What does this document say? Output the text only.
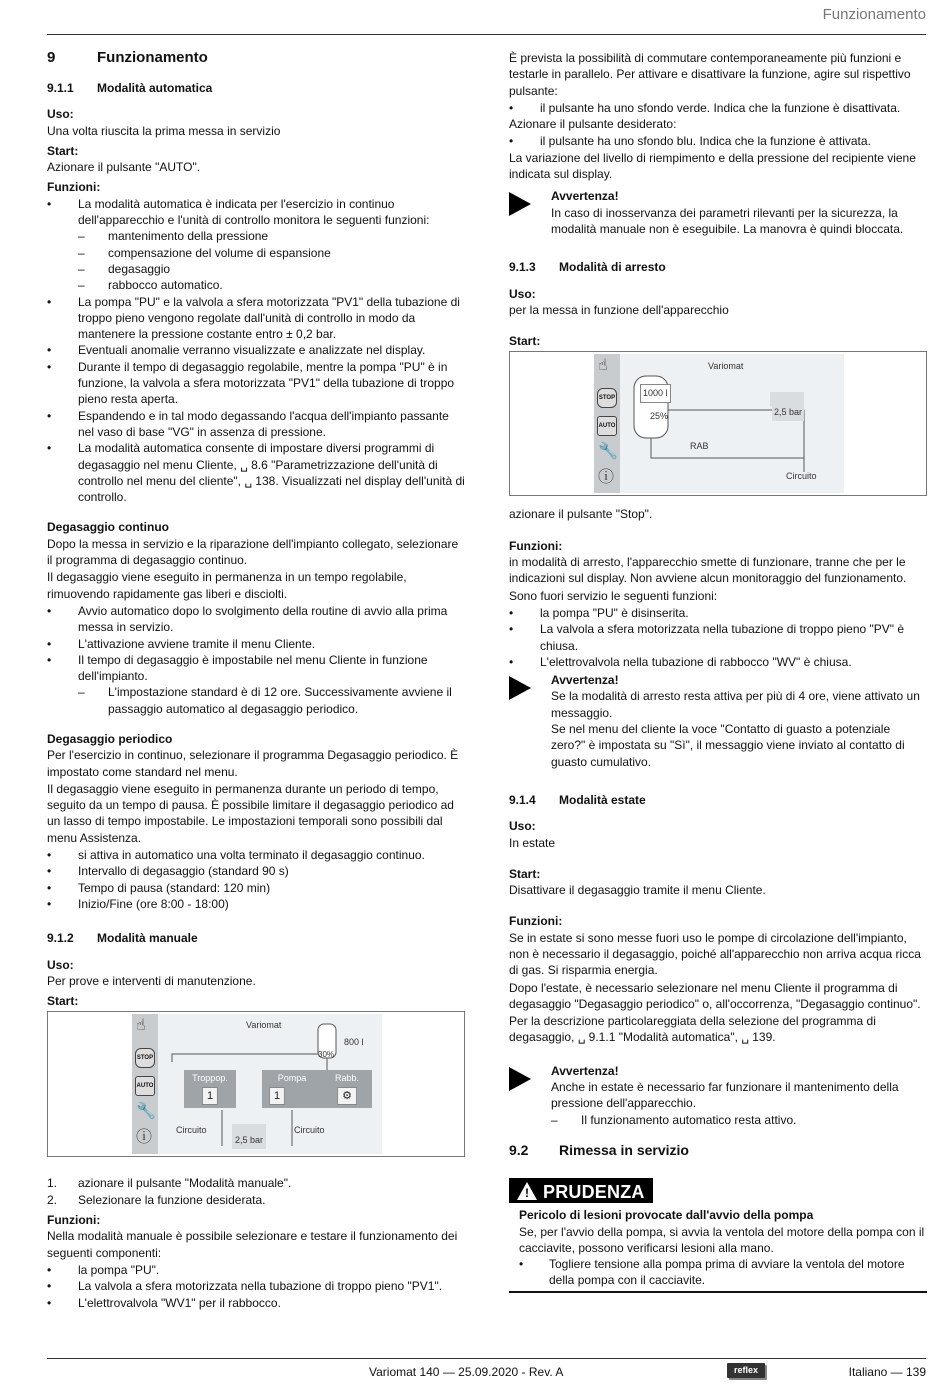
Funzionamento
9	Funzionamento
9.1.1	Modalità automatica
Uso:

Una volta riuscita la prima messa in servizio

Start:

Azionare il pulsante "AUTO".

Funzioni:
• La modalità automatica è indicata per l'esercizio in continuo dell'apparecchio e l'unità di controllo monitora le seguenti funzioni:
– mantenimento della pressione
– compensazione del volume di espansione
– degasaggio
– rabbocco automatico.
• La pompa "PU" e la valvola a sfera motorizzata "PV1" della tubazione di troppo pieno vengono regolate dall'unità di controllo in modo da mantenere la pressione costante entro ± 0,2 bar.
• Eventuali anomalie verranno visualizzate e analizzate nel display.
• Durante il tempo di degasaggio regolabile, mentre la pompa "PU" è in funzione, la valvola a sfera motorizzata "PV1" della tubazione di troppo pieno resta aperta.
• Espandendo e in tal modo degassando l'acqua dell'impianto passante nel vaso di base "VG" in assenza di pressione.
• La modalità automatica consente di impostare diversi programmi di degasaggio nel menu Cliente, ␣ 8.6 "Parametrizzazione dell'unità di controllo nel menu del cliente", ␣ 138. Visualizzati nel display dell'unità di controllo.
Degasaggio continuo

Dopo la messa in servizio e la riparazione dell'impianto collegato, selezionare il programma di degasaggio continuo.

Il degasaggio viene eseguito in permanenza in un tempo regolabile, rimuovendo rapidamente gas liberi e disciolti.

• Avvio automatico dopo lo svolgimento della routine di avvio alla prima messa in servizio.
• L'attivazione avviene tramite il menu Cliente.
• Il tempo di degasaggio è impostabile nel menu Cliente in funzione dell'impianto.
– L'impostazione standard è di 12 ore. Successivamente avviene il passaggio automatico al degasaggio periodico.
Degasaggio periodico

Per l'esercizio in continuo, selezionare il programma Degasaggio periodico. È impostato come standard nel menu.

Il degasaggio viene eseguito in permanenza durante un periodo di tempo, seguito da un tempo di pausa. È possibile limitare il degasaggio periodico ad un lasso di tempo impostabile. Le impostazioni temporali sono possibili dal menu Assistenza.

• si attiva in automatico una volta terminato il degasaggio continuo.
• Intervallo di degasaggio (standard 90 s)
• Tempo di pausa (standard: 120 min)
• Inizio/Fine (ore 8:00 - 18:00)
9.1.2	Modalità manuale
Uso:

Per prove e interventi di manutenzione.

Start:
☝
STOP
AUTO
🔧
ⓘ
Variomat
30%
800 l
Troppop.
1
Pompa
1
Rabb.
⚙
Circuito	Circuito
2,5 bar
1. azionare il pulsante "Modalità manuale".
2. Selezionare la funzione desiderata.
Funzioni:

Nella modalità manuale è possibile selezionare e testare il funzionamento dei seguenti componenti:

• la pompa "PU".
• La valvola a sfera motorizzata nella tubazione di troppo pieno "PV1".
• L'elettrovalvola "WV1" per il rabbocco.

È prevista la possibilità di commutare contemporaneamente più funzioni e testarle in parallelo. Per attivare e disattivare la funzione, agire sul rispettivo pulsante:

• il pulsante ha uno sfondo verde. Indica che la funzione è disattivata.

Azionare il pulsante desiderato:

• il pulsante ha uno sfondo blu. Indica che la funzione è attivata.

La variazione del livello di riempimento e della pressione del recipiente viene indicata sul display.

Avvertenza!
In caso di inosservanza dei parametri rilevanti per la sicurezza, la modalità manuale non è eseguibile. La manovra è quindi bloccata.
9.1.3	Modalità di arresto
Uso:

per la messa in funzione dell'apparecchio

Start:
☝
STOP
AUTO
🔧
ⓘ
Variomat
1000 l
25%
RAB
2,5 bar
Circuito

azionare il pulsante "Stop".

Funzioni:

in modalità di arresto, l'apparecchio smette di funzionare, tranne che per le indicazioni sul display. Non avviene alcun monitoraggio del funzionamento.

Sono fuori servizio le seguenti funzioni:

• la pompa "PU" è disinserita.
• La valvola a sfera motorizzata nella tubazione di troppo pieno "PV" è chiusa.
• L'elettrovalvola nella tubazione di rabbocco "WV" è chiusa.
Avvertenza!
Se la modalità di arresto resta attiva per più di 4 ore, viene attivato un messaggio.
Se nel menu del cliente la voce "Contatto di guasto a potenziale zero?" è impostata su "Sì", il messaggio viene inviato al contatto di guasto cumulativo.
9.1.4	Modalità estate
Uso:

In estate

Start:

Disattivare il degasaggio tramite il menu Cliente.

Funzioni:

Se in estate si sono messe fuori uso le pompe di circolazione dell'impianto, non è necessario il degasaggio, poiché all'apparecchio non arriva acqua ricca di gas. Si risparmia energia.

Dopo l'estate, è necessario selezionare nel menu Cliente il programma di degasaggio "Degasaggio periodico" o, all'occorrenza, "Degasaggio continuo".

Per la descrizione particolareggiata della selezione del programma di degasaggio, ␣ 9.1.1 "Modalità automatica", ␣ 139.

Avvertenza!
Anche in estate è necessario far funzionare il mantenimento della pressione dell'apparecchio.
– Il funzionamento automatico resta attivo.
9.2	Rimessa in servizio
! PRUDENZA
Pericolo di lesioni provocate dall'avvio della pompa
Se, per l'avvio della pompa, si avvia la ventola del motore della pompa con il cacciavite, possono verificarsi lesioni alla mano.
• Togliere tensione alla pompa prima di avviare la ventola del motore della pompa con il cacciavite.
Variomat 140 — 25.09.2020 - Rev. A	reflex	Italiano — 139
